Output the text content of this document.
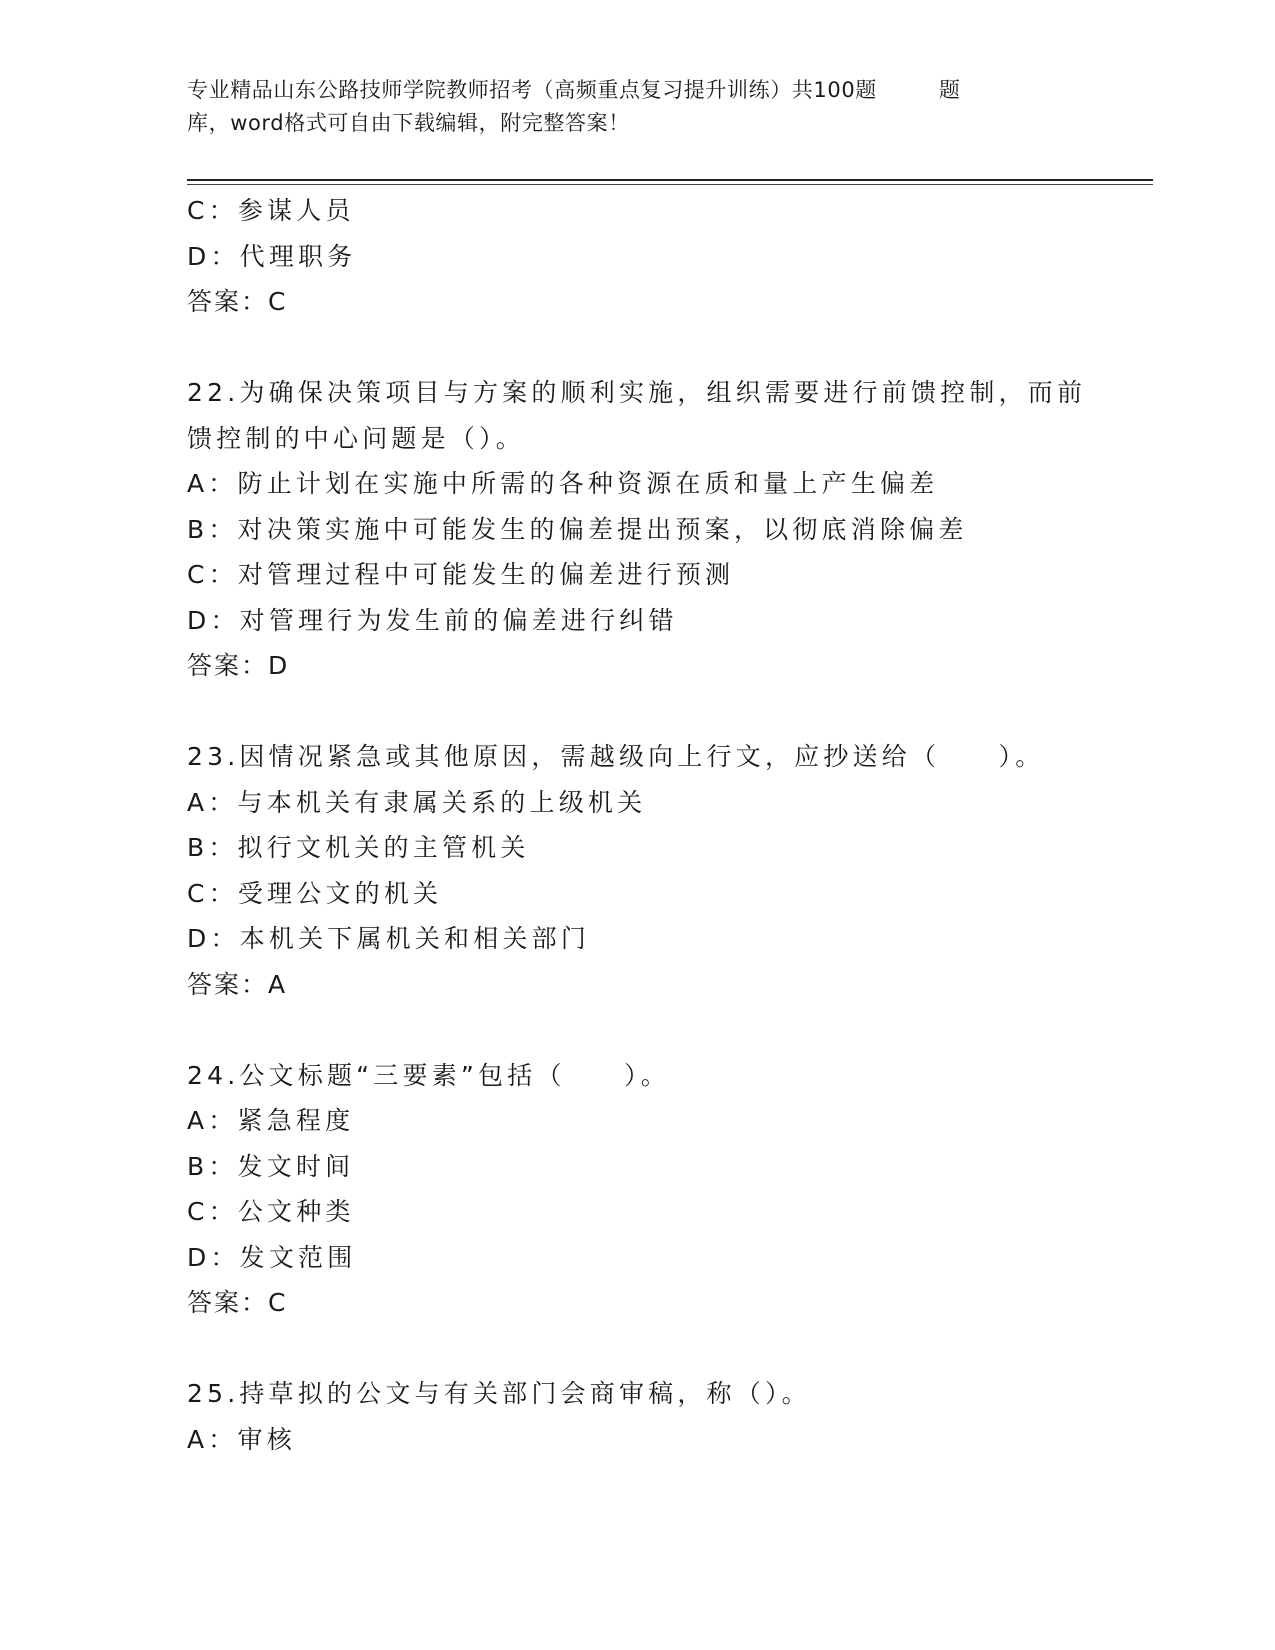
专业精品山东公路技师学院教师招考（高频重点复习提升训练）共100题	题
库，word格式可自由下载编辑，附完整答案！
C：参谋人员
D：代理职务
答案：C
22.为确保决策项目与方案的顺利实施，组织需要进行前馈控制，而前
馈控制的中心问题是（）。
A：防止计划在实施中所需的各种资源在质和量上产生偏差
B：对决策实施中可能发生的偏差提出预案，以彻底消除偏差
C：对管理过程中可能发生的偏差进行预测
D：对管理行为发生前的偏差进行纠错
答案：D
23.因情况紧急或其他原因，需越级向上行文，应抄送给（　　）。
A：与本机关有隶属关系的上级机关
B：拟行文机关的主管机关
C：受理公文的机关
D：本机关下属机关和相关部门
答案：A
24.公文标题“三要素”包括（　　）。
A：紧急程度
B：发文时间
C：公文种类
D：发文范围
答案：C
25.持草拟的公文与有关部门会商审稿，称（）。
A：审核
